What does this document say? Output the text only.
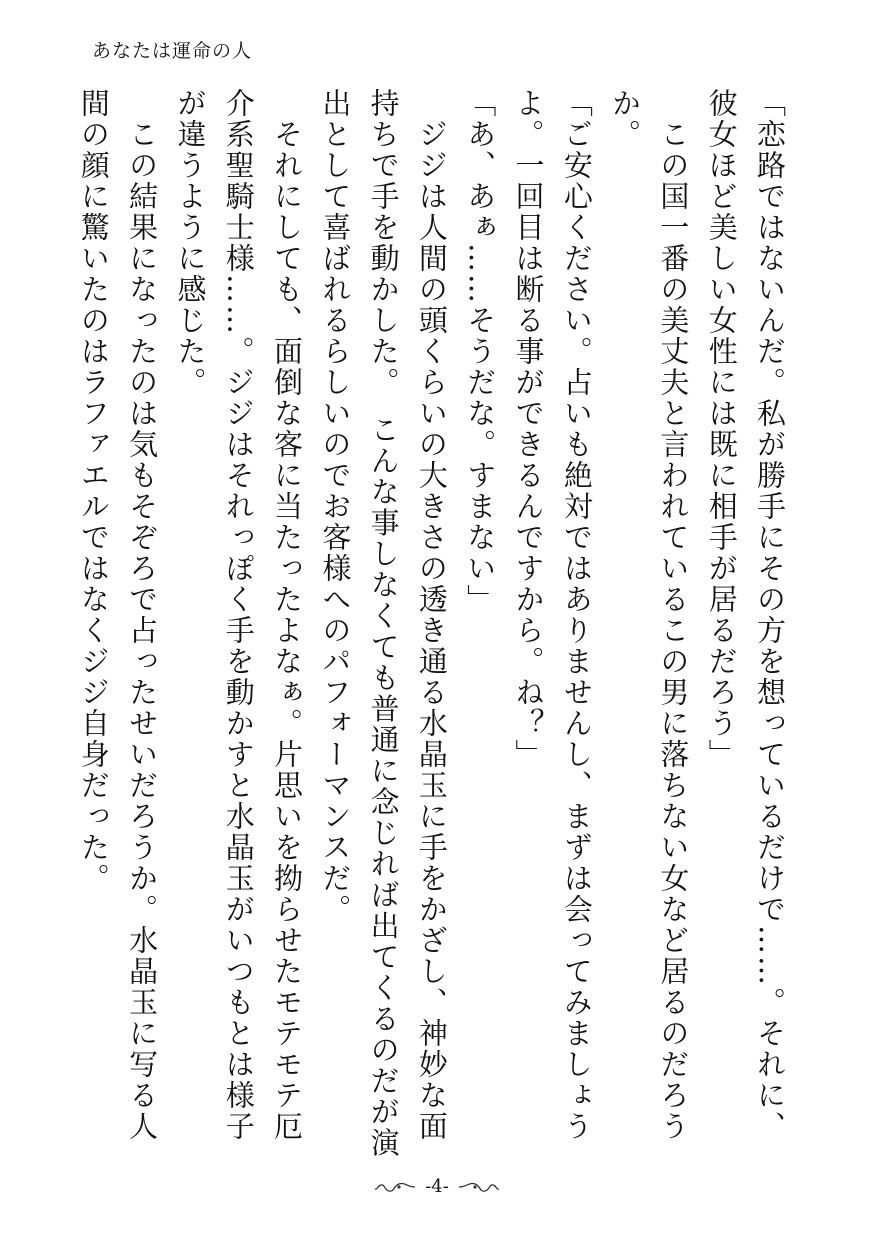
あなたは運命の人

「恋路ではないんだ。私が勝手にその方を想っているだけで……。それに、彼女ほど美しい女性には既に相手が居るだろう」

　この国一番の美丈夫と言われているこの男に落ちない女など居るのだろうか。

「ご安心ください。占いも絶対ではありませんし、まずは会ってみましょうよ。一回目は断る事ができるんですから。ね？」

「あ、あぁ……そうだな。すまない」

　ジジは人間の頭くらいの大きさの透き通る水晶玉に手をかざし、神妙な面持ちで手を動かした。　こんな事しなくても普通に念じれば出てくるのだが演出として喜ばれるらしいのでお客様へのパフォーマンスだ。

　それにしても、面倒な客に当たったよなぁ。片思いを拗らせたモテモテ厄介系聖騎士様……。ジジはそれっぽく手を動かすと水晶玉がいつもとは様子が違うように感じた。

　この結果になったのは気もそぞろで占ったせいだろうか。水晶玉に写る人間の顔に驚いたのはラファエルではなくジジ自身だった。

-4-
